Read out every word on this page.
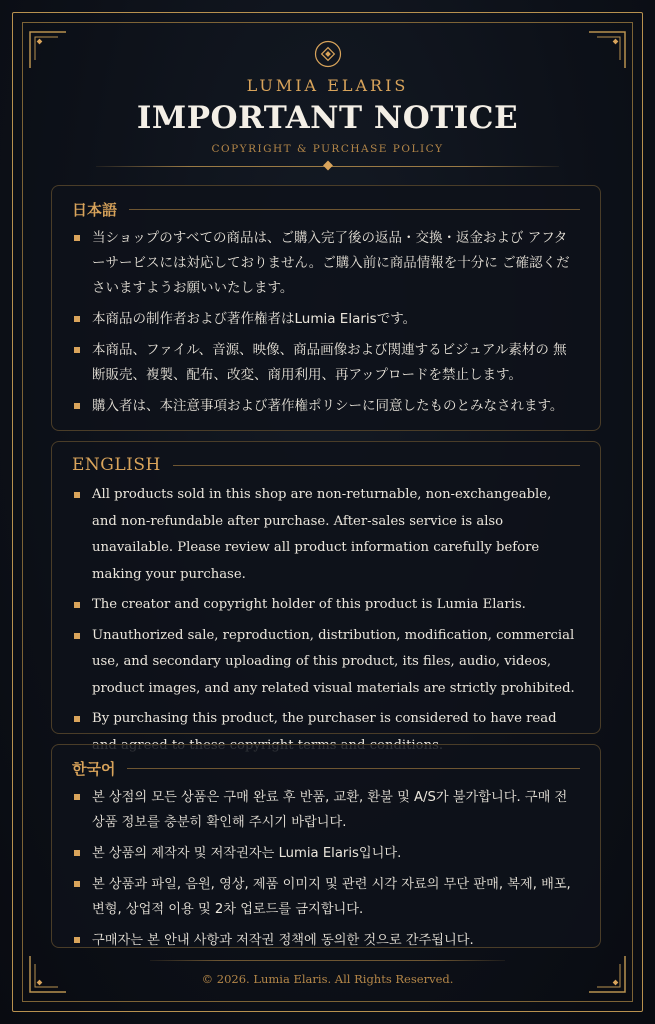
LUMIA ELARIS
IMPORTANT NOTICE
COPYRIGHT & PURCHASE POLICY
日本語
当ショップのすべての商品は、ご購入完了後の返品・交換・返金および アフターサービスには対応しておりません。ご購入前に商品情報を十分に ご確認くださいますようお願いいたします。
本商品の制作者および著作権者はLumia Elarisです。
本商品、ファイル、音源、映像、商品画像および関連するビジュアル素材の 無断販売、複製、配布、改変、商用利用、再アップロードを禁止します。
購入者は、本注意事項および著作権ポリシーに同意したものとみなされます。
ENGLISH
All products sold in this shop are non-returnable, non-exchangeable, and non-refundable after purchase. After-sales service is also unavailable. Please review all product information carefully before making your purchase.
The creator and copyright holder of this product is Lumia Elaris.
Unauthorized sale, reproduction, distribution, modification, commercial use, and secondary uploading of this product, its files, audio, videos, product images, and any related visual materials are strictly prohibited.
By purchasing this product, the purchaser is considered to have read
한국어
본 상점의 모든 상품은 구매 완료 후 반품, 교환, 환불 및 A/S가 불가합니다. 구매 전 상품 정보를 충분히 확인해 주시기 바랍니다.
본 상품의 제작자 및 저작권자는 Lumia Elaris입니다.
본 상품과 파일, 음원, 영상, 제품 이미지 및 관련 시각 자료의 무단 판매, 복제, 배포, 변형, 상업적 이용 및 2차 업로드를 금지합니다.
구매자는 본 안내 사항과 저작권 정책에 동의한 것으로 간주됩니다.
© 2026. Lumia Elaris. All Rights Reserved.
